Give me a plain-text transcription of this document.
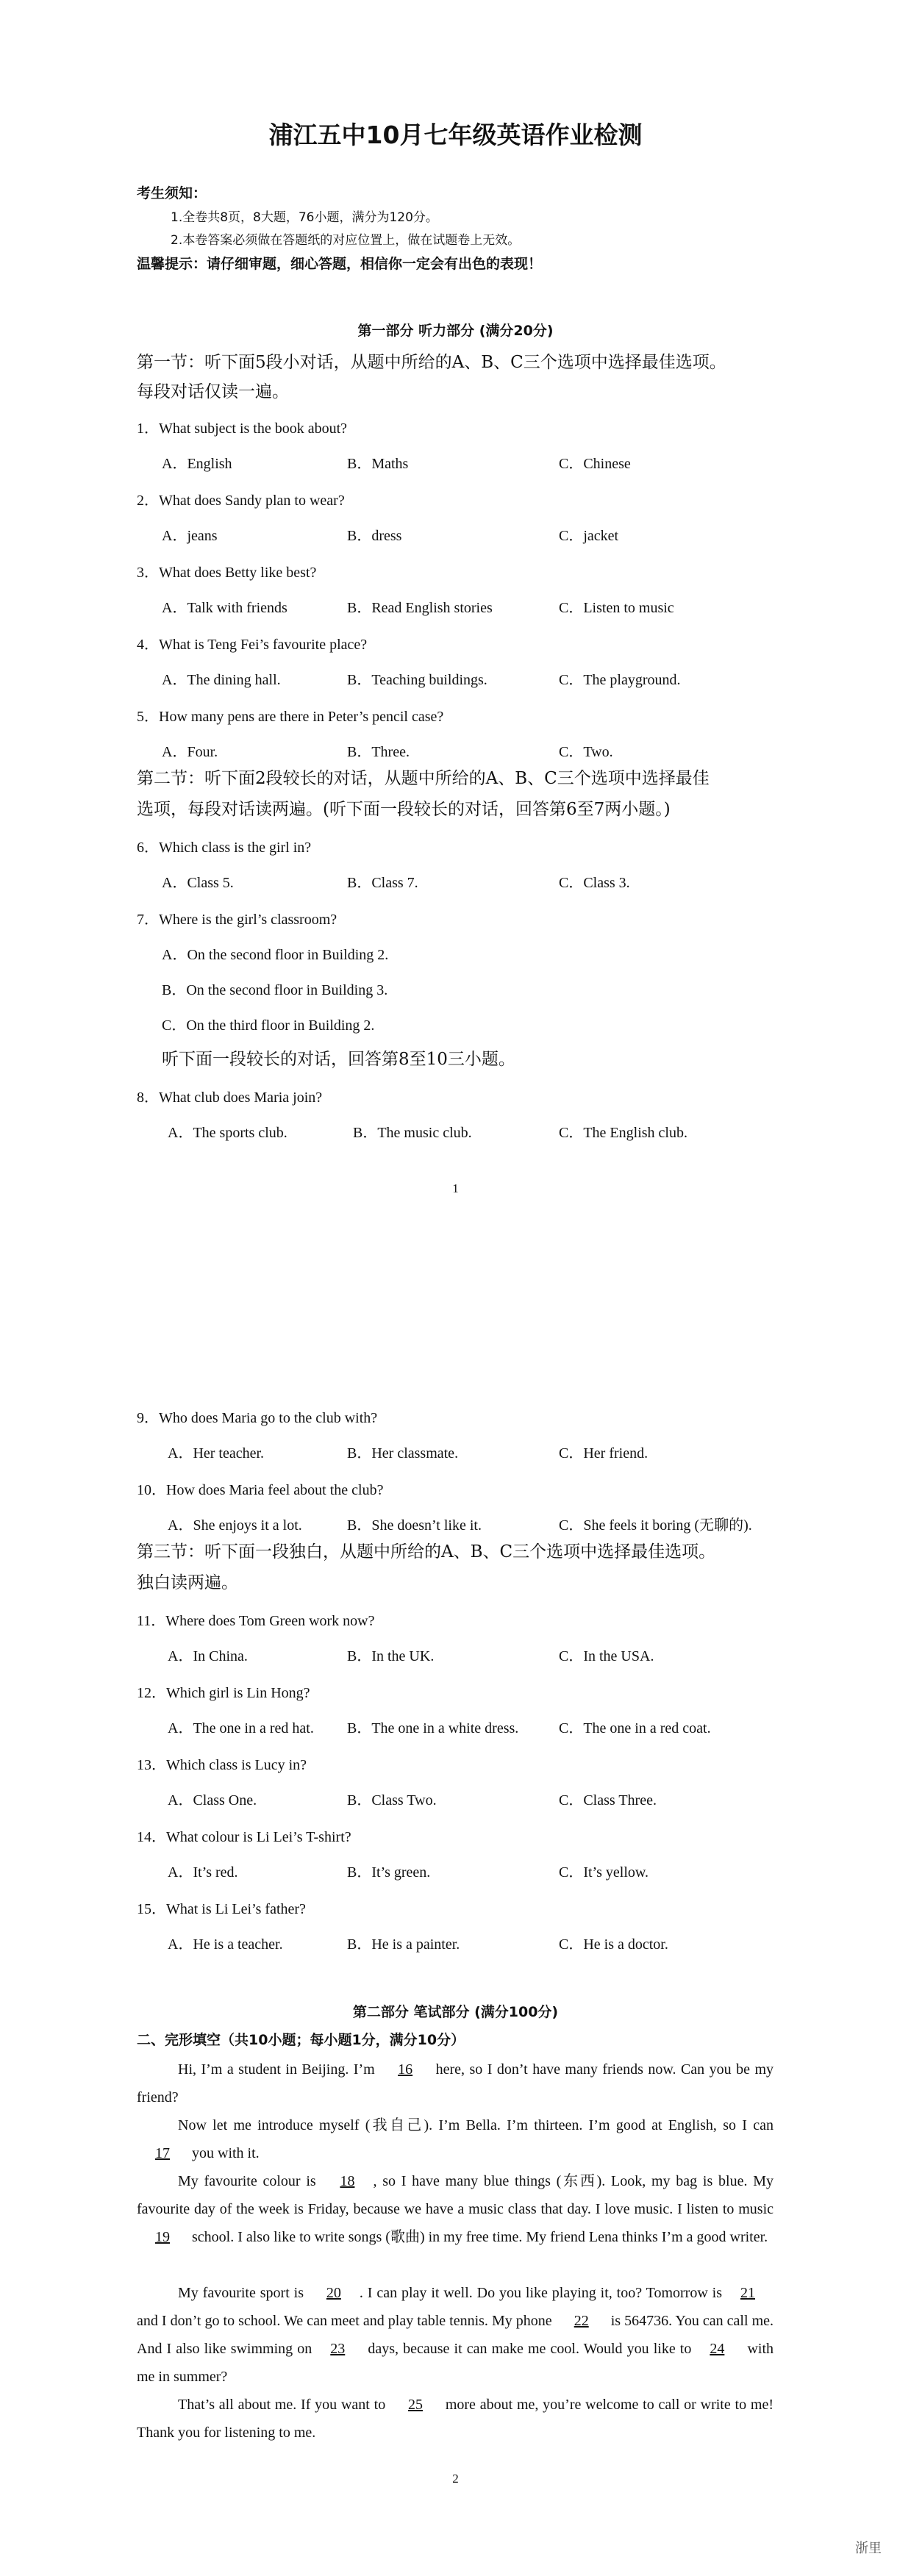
浦江五中10月七年级英语作业检测
考生须知：
1.全卷共8页，8大题，76小题，满分为120分。
2.本卷答案必须做在答题纸的对应位置上，做在试题卷上无效。
温馨提示：请仔细审题，细心答题，相信你一定会有出色的表现！
第一部分 听力部分 (满分20分)
第一节：听下面5段小对话，从题中所给的A、B、C三个选项中选择最佳选项。
每段对话仅读一遍。
1．What subject is the book about?
A．English	B．Maths	C．Chinese
2．What does Sandy plan to wear?
A．jeans	B．dress	C．jacket
3．What does Betty like best?
A．Talk with friends	B．Read English stories	C．Listen to music
4．What is Teng Fei’s favourite place?
A．The dining hall.	B．Teaching buildings.	C．The playground.
5．How many pens are there in Peter’s pencil case?
A．Four.	B．Three.	C．Two.
第二节：听下面2段较长的对话，从题中所给的A、B、C三个选项中选择最佳
选项，每段对话读两遍。(听下面一段较长的对话，回答第6至7两小题。)
6．Which class is the girl in?
A．Class 5.	B．Class 7.	C．Class 3.
7．Where is the girl’s classroom?
A．On the second floor in Building 2.
B．On the second floor in Building 3.
C．On the third floor in Building 2.
听下面一段较长的对话，回答第8至10三小题。
8．What club does Maria join?
A．The sports club.	B．The music club.	C．The English club.
1
9．Who does Maria go to the club with?
A．Her teacher.	B．Her classmate.	C．Her friend.
10．How does Maria feel about the club?
A．She enjoys it a lot.	B．She doesn’t like it.	C．She feels it boring (无聊的).
第三节：听下面一段独白，从题中所给的A、B、C三个选项中选择最佳选项。
独白读两遍。
11．Where does Tom Green work now?
A．In China.	B．In the UK.	C．In the USA.
12．Which girl is Lin Hong?
A．The one in a red hat. B．The one in a white dress.	C．The one in a red coat.
13．Which class is Lucy in?
A．Class One.	B．Class Two.	C．Class Three.
14．What colour is Li Lei’s T-shirt?
A．It’s red.	B．It’s green.	C．It’s yellow.
15．What is Li Lei’s father?
A．He is a teacher.	B．He is a painter.	C．He is a doctor.
第二部分 笔试部分 (满分100分)
二、完形填空（共10小题；每小题1分，满分10分）

Hi, I’m a student in Beijing. I’m 16 here, so I don’t have many friends now. Can you be my friend?

Now let me introduce myself (我自己). I’m Bella. I’m thirteen. I’m good at English, so I can 17 you with it.

My favourite colour is 18 , so I have many blue things (东西). Look, my bag is blue. My favourite day of the week is Friday, because we have a music class that day. I love music. I listen to music 19 school. I also like to write songs (歌曲) in my free time. My friend Lena thinks I’m a good writer.

My favourite sport is 20 . I can play it well. Do you like playing it, too? Tomorrow is 21 and I don’t go to school. We can meet and play table tennis. My phone 22 is 564736. You can call me. And I also like swimming on 23 days, because it can make me cool. Would you like to 24 with me in summer?

That’s all about me. If you want to 25 more about me, you’re welcome to call or write to me! Thank you for listening to me.

2
浙里
